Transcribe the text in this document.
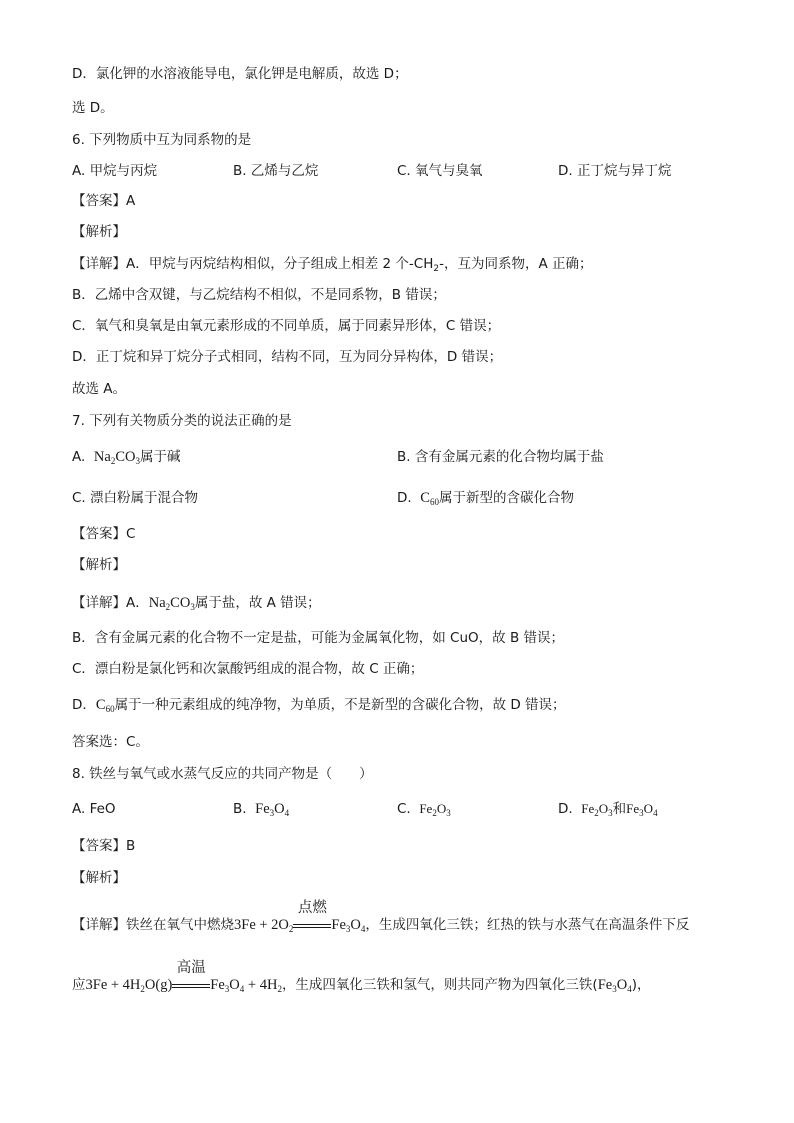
D．氯化钾的水溶液能导电，氯化钾是电解质，故选 D；
选 D。
6. 下列物质中互为同系物的是
A. 甲烷与丙烷	B. 乙烯与乙烷	C. 氧气与臭氧	D. 正丁烷与异丁烷
【答案】A
【解析】
【详解】A．甲烷与丙烷结构相似，分子组成上相差 2 个$-CH_2-$，互为同系物，A 正确；
B．乙烯中含双键，与乙烷结构不相似，不是同系物，B 错误；
C．氧气和臭氧是由氧元素形成的不同单质，属于同素异形体，C 错误；
D．正丁烷和异丁烷分子式相同，结构不同，互为同分异构体，D 错误；
故选 A。
7. 下列有关物质分类的说法正确的是
A. $Na_2CO_3$属于碱	B. 含有金属元素的化合物均属于盐
C. 漂白粉属于混合物	D. $C_{60}$属于新型的含碳化合物
【答案】C
【解析】
【详解】A．$Na_2CO_3$属于盐，故 A 错误；
B．含有金属元素的化合物不一定是盐，可能为金属氧化物，如 CuO，故 B 错误；
C．漂白粉是氯化钙和次氯酸钙组成的混合物，故 C 正确；
D．$C_{60}$属于一种元素组成的纯净物，为单质，不是新型的含碳化合物，故 D 错误；
答案选：C。
8. 铁丝与氧气或水蒸气反应的共同产物是（　　）
A. FeO	B. $Fe_3O_4$	C. $Fe_2O_3$	D. $Fe_2O_3$和$Fe_3O_4$
【答案】B
【解析】
【详解】铁丝在氧气中燃烧$3Fe + 2O_2$
点燃
$Fe_3O_4$，生成四氧化三铁；红热的铁与水蒸气在高温条件下反
应$3Fe + 4H_2O(g)$
高温
$Fe_3O_4 + 4H_2$，生成四氧化三铁和氢气，则共同产物为四氧化三铁$(Fe_3O_4)$，
